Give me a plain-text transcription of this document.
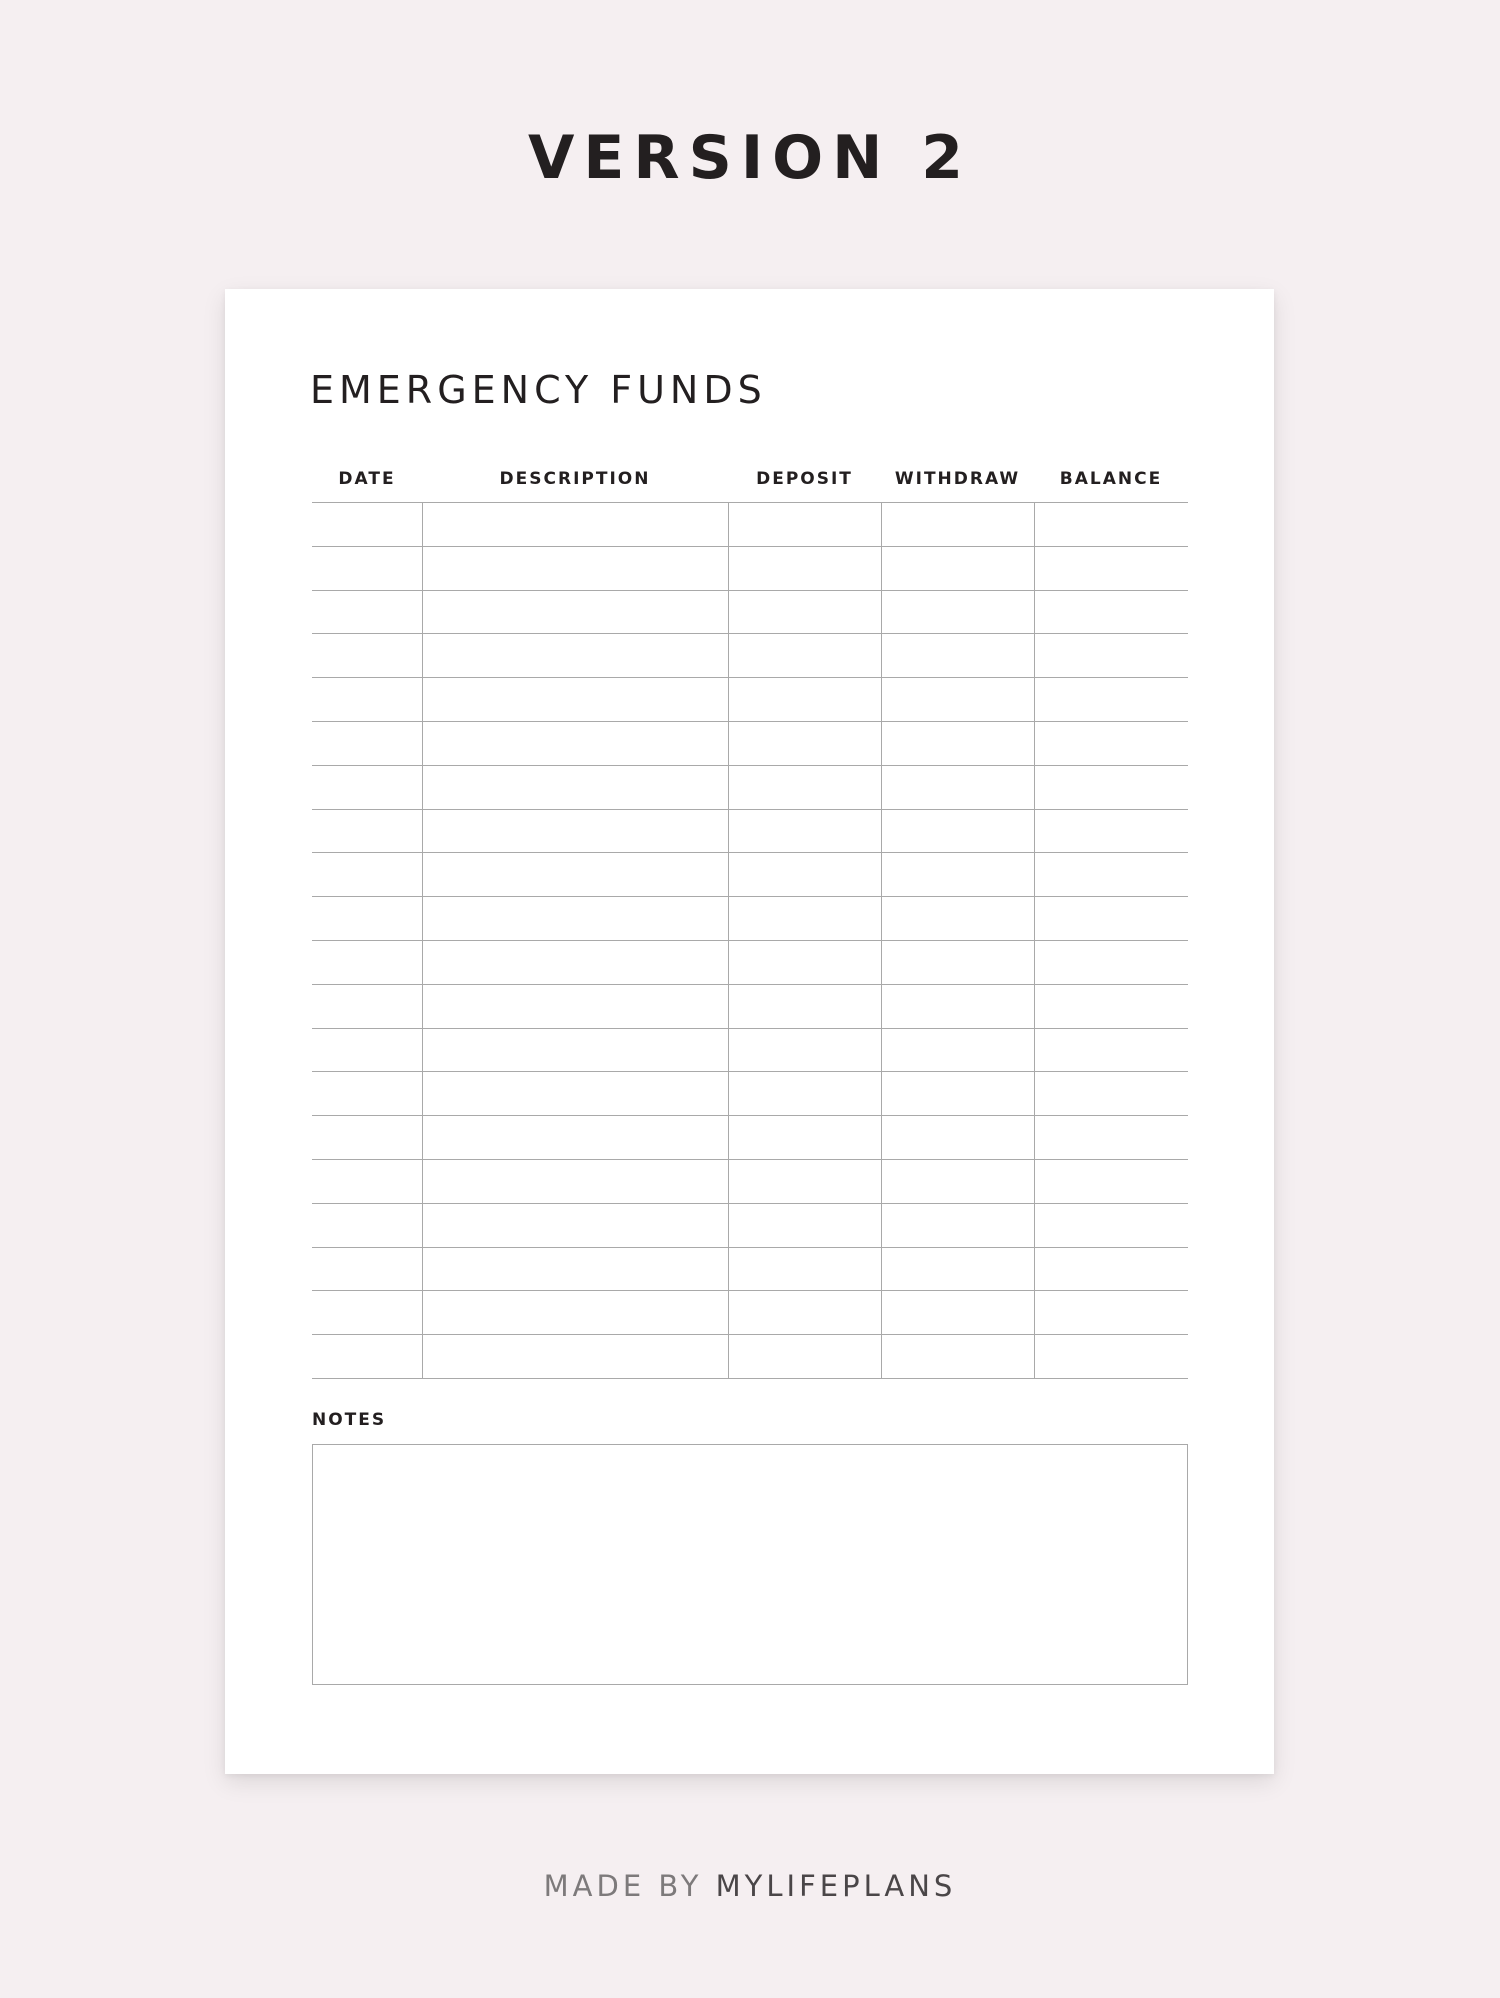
VERSION 2
EMERGENCY FUNDS
DATE	DESCRIPTION	DEPOSIT	WITHDRAW	BALANCE
NOTES
MADE BY MYLIFEPLANS
